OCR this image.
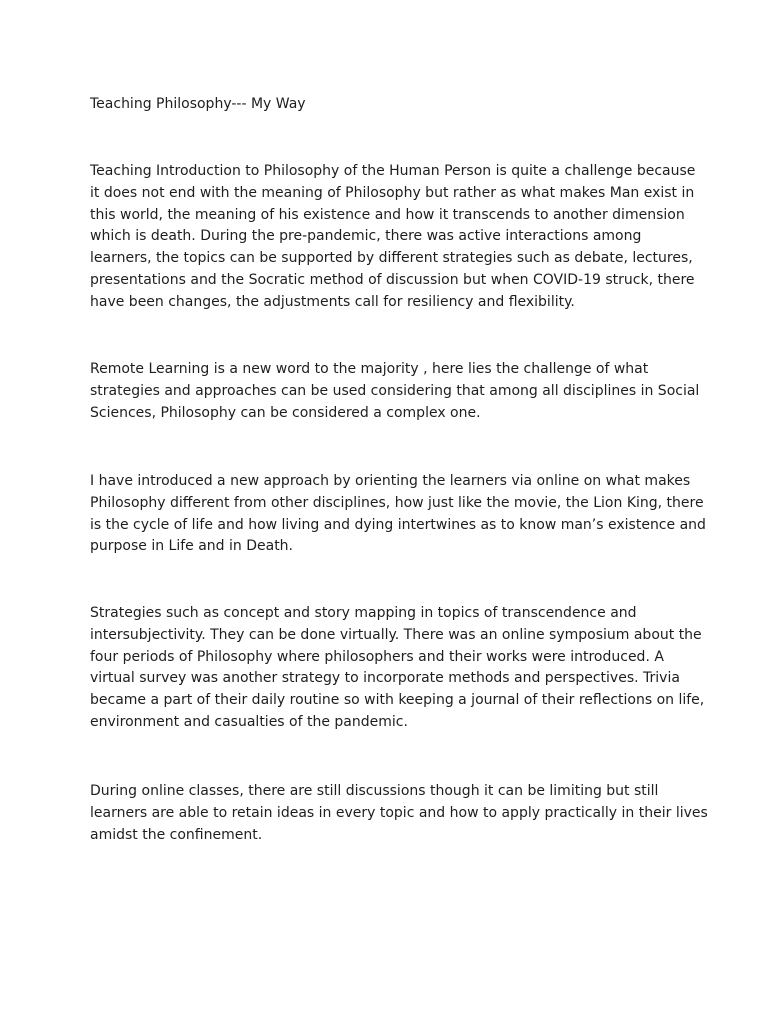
Teaching Philosophy--- My Way
Teaching Introduction to Philosophy of the Human Person is quite a challenge because
it does not end with the meaning of Philosophy but rather as what makes Man exist in
this world, the meaning of his existence and how it transcends to another dimension
which is death. During the pre-pandemic, there was active interactions among
learners, the topics can be supported by different strategies such as debate, lectures,
presentations and the Socratic method of discussion but when COVID-19 struck, there
have been changes, the adjustments call for resiliency and flexibility.
Remote Learning is a new word to the majority , here lies the challenge of what
strategies and approaches can be used considering that among all disciplines in Social
Sciences, Philosophy can be considered a complex one.
I have introduced a new approach by orienting the learners via online on what makes
Philosophy different from other disciplines, how just like the movie, the Lion King, there
is the cycle of life and how living and dying intertwines as to know man’s existence and
purpose in Life and in Death.
Strategies such as concept and story mapping in topics of transcendence and
intersubjectivity. They can be done virtually. There was an online symposium about the
four periods of Philosophy where philosophers and their works were introduced. A
virtual survey was another strategy to incorporate methods and perspectives. Trivia
became a part of their daily routine so with keeping a journal of their reflections on life,
environment and casualties of the pandemic.
During online classes, there are still discussions though it can be limiting but still
learners are able to retain ideas in every topic and how to apply practically in their lives
amidst the confinement.
